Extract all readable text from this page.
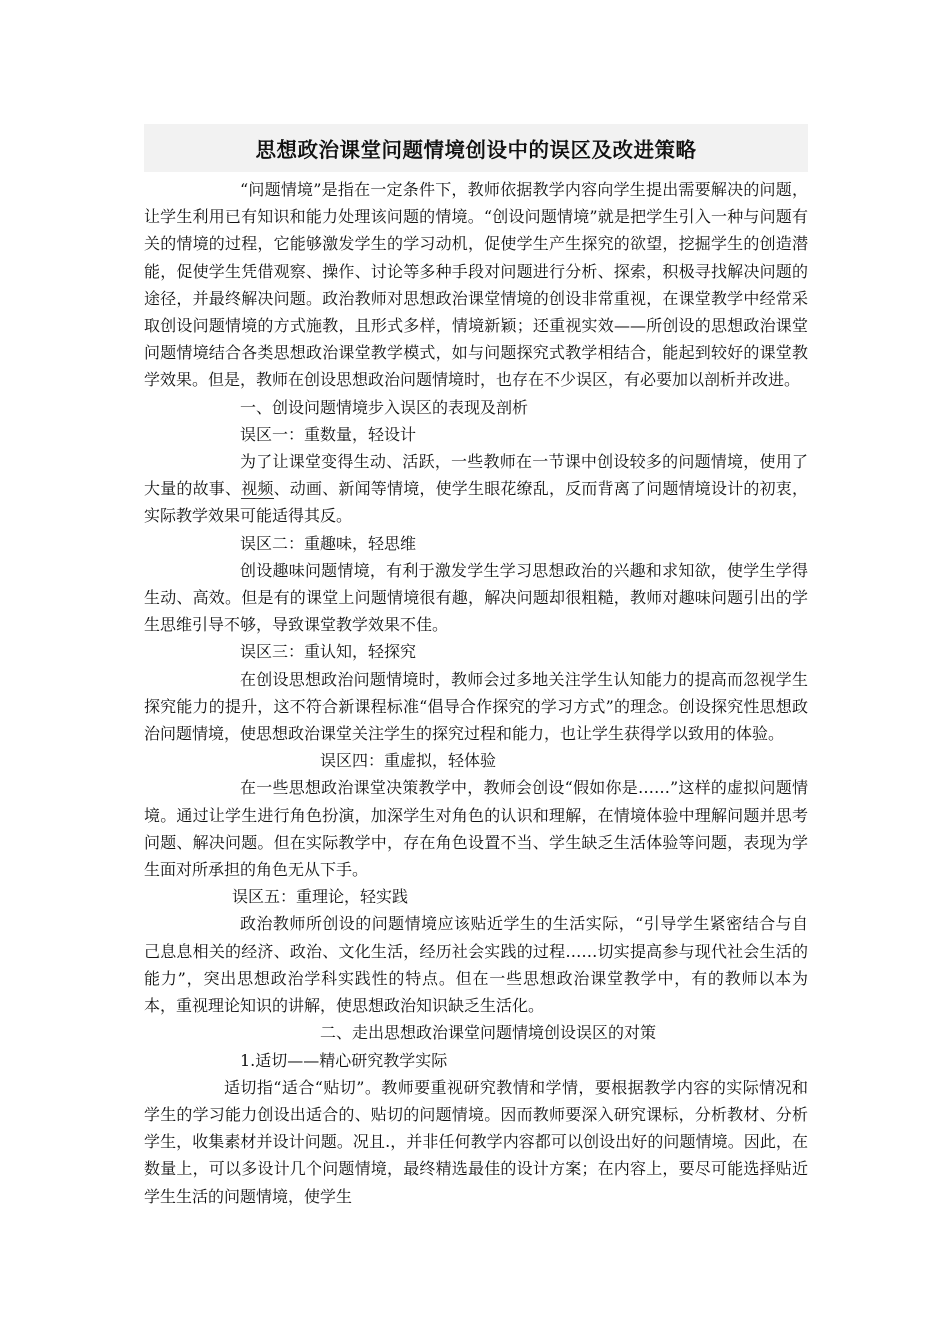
思想政治课堂问题情境创设中的误区及改进策略

“问题情境”是指在一定条件下，教师依据教学内容向学生提出需要解决的问题，让学生利用已有知识和能力处理该问题的情境。“创设问题情境”就是把学生引入一种与问题有关的情境的过程，它能够激发学生的学习动机，促使学生产生探究的欲望，挖掘学生的创造潜能，促使学生凭借观察、操作、讨论等多种手段对问题进行分析、探索，积极寻找解决问题的途径，并最终解决问题。政治教师对思想政治课堂情境的创设非常重视，在课堂教学中经常采取创设问题情境的方式施教，且形式多样，情境新颖；还重视实效——所创设的思想政治课堂问题情境结合各类思想政治课堂教学模式，如与问题探究式教学相结合，能起到较好的课堂教学效果。但是，教师在创设思想政治问题情境时，也存在不少误区，有必要加以剖析并改进。

一、创设问题情境步入误区的表现及剖析

误区一：重数量，轻设计

为了让课堂变得生动、活跃，一些教师在一节课中创设较多的问题情境，使用了大量的故事、视频、动画、新闻等情境，使学生眼花缭乱，反而背离了问题情境设计的初衷，实际教学效果可能适得其反。

误区二：重趣味，轻思维

创设趣味问题情境，有利于激发学生学习思想政治的兴趣和求知欲，使学生学得生动、高效。但是有的课堂上问题情境很有趣，解决问题却很粗糙，教师对趣味问题引出的学生思维引导不够，导致课堂教学效果不佳。

误区三：重认知，轻探究

在创设思想政治问题情境时，教师会过多地关注学生认知能力的提高而忽视学生探究能力的提升，这不符合新课程标准“倡导合作探究的学习方式”的理念。创设探究性思想政治问题情境，使思想政治课堂关注学生的探究过程和能力，也让学生获得学以致用的体验。

误区四：重虚拟，轻体验

在一些思想政治课堂决策教学中，教师会创设“假如你是……”这样的虚拟问题情境。通过让学生进行角色扮演，加深学生对角色的认识和理解，在情境体验中理解问题并思考问题、解决问题。但在实际教学中，存在角色设置不当、学生缺乏生活体验等问题，表现为学生面对所承担的角色无从下手。

误区五：重理论，轻实践

政治教师所创设的问题情境应该贴近学生的生活实际，“引导学生紧密结合与自己息息相关的经济、政治、文化生活，经历社会实践的过程……切实提高参与现代社会生活的能力”，突出思想政治学科实践性的特点。但在一些思想政治课堂教学中，有的教师以本为本，重视理论知识的讲解，使思想政治知识缺乏生活化。

二、走出思想政治课堂问题情境创设误区的对策

1.适切——精心研究教学实际

适切指“适合“贴切”。教师要重视研究教情和学情，要根据教学内容的实际情况和学生的学习能力创设出适合的、贴切的问题情境。因而教师要深入研究课标，分析教材、分析学生，收集素材并设计问题。况且.，并非任何教学内容都可以创设出好的问题情境。因此，在数量上，可以多设计几个问题情境，最终精选最佳的设计方案；在内容上，要尽可能选择贴近学生生活的问题情境，使学生
